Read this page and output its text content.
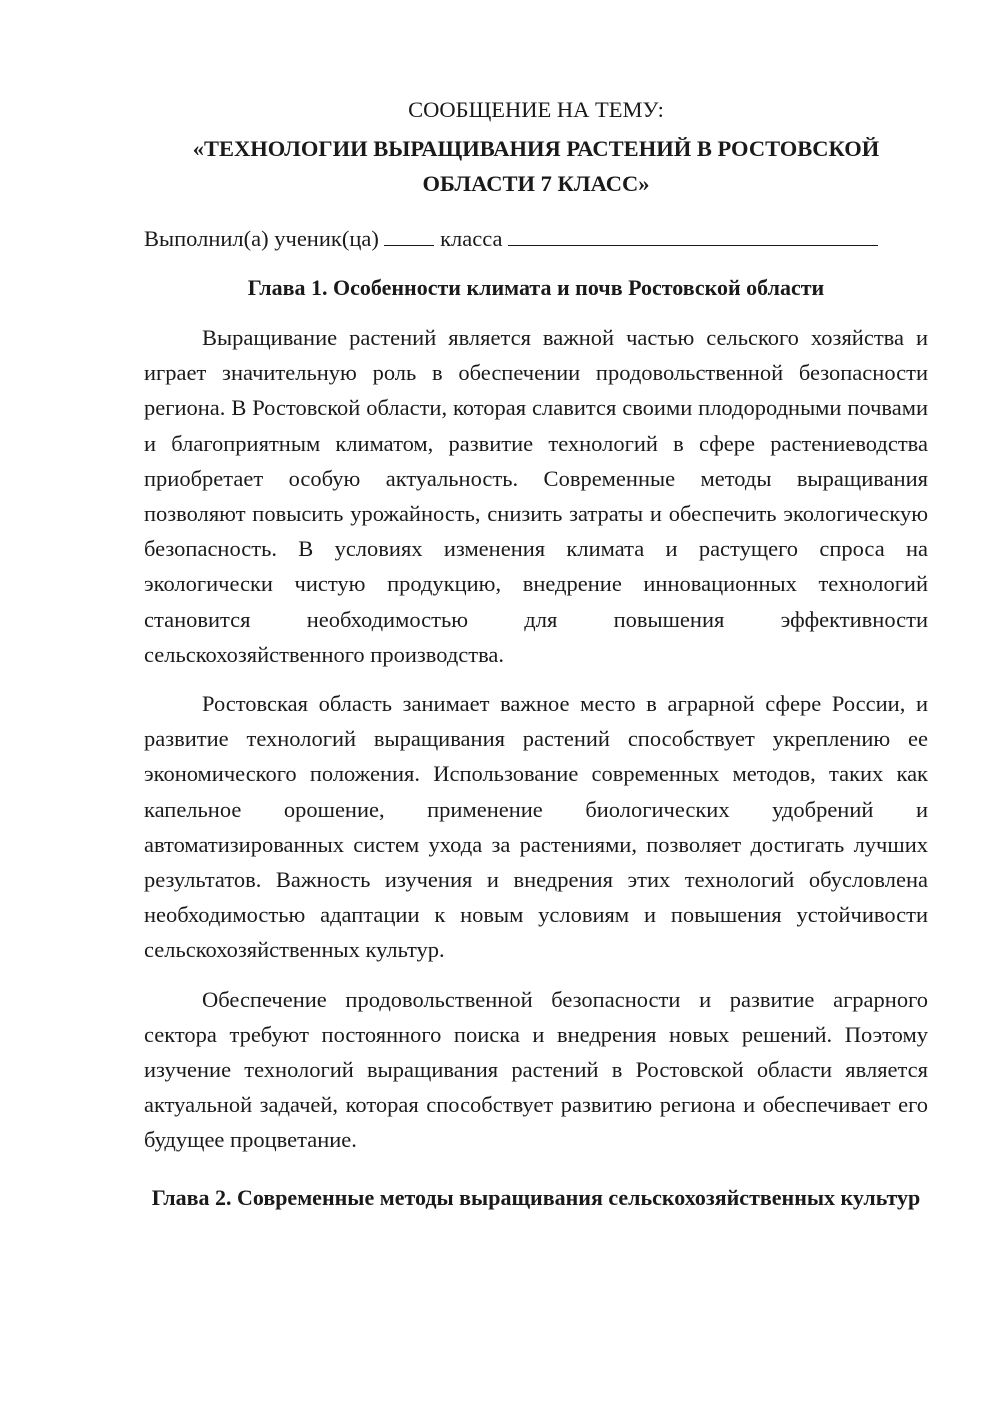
СООБЩЕНИЕ НА ТЕМУ:

«ТЕХНОЛОГИИ ВЫРАЩИВАНИЯ РАСТЕНИЙ В РОСТОВСКОЙ ОБЛАСТИ 7 КЛАСС»

Выполнил(а) ученик(ца)	класса

Глава 1. Особенности климата и почв Ростовской области

Выращивание растений является важной частью сельского хозяйства и играет значительную роль в обеспечении продовольственной безопасности региона. В Ростовской области, которая славится своими плодородными почвами и благоприятным климатом, развитие технологий в сфере растениеводства приобретает особую актуальность. Современные методы выращивания позволяют повысить урожайность, снизить затраты и обеспечить экологическую безопасность. В условиях изменения климата и растущего спроса на экологически чистую продукцию, внедрение инновационных технологий становится необходимостью для повышения эффективности сельскохозяйственного производства.

Ростовская область занимает важное место в аграрной сфере России, и развитие технологий выращивания растений способствует укреплению ее экономического положения. Использование современных методов, таких как капельное орошение, применение биологических удобрений и автоматизированных систем ухода за растениями, позволяет достигать лучших результатов. Важность изучения и внедрения этих технологий обусловлена необходимостью адаптации к новым условиям и повышения устойчивости сельскохозяйственных культур.

Обеспечение продовольственной безопасности и развитие аграрного сектора требуют постоянного поиска и внедрения новых решений. Поэтому изучение технологий выращивания растений в Ростовской области является актуальной задачей, которая способствует развитию региона и обеспечивает его будущее процветание.

Глава 2. Современные методы выращивания сельскохозяйственных культур
